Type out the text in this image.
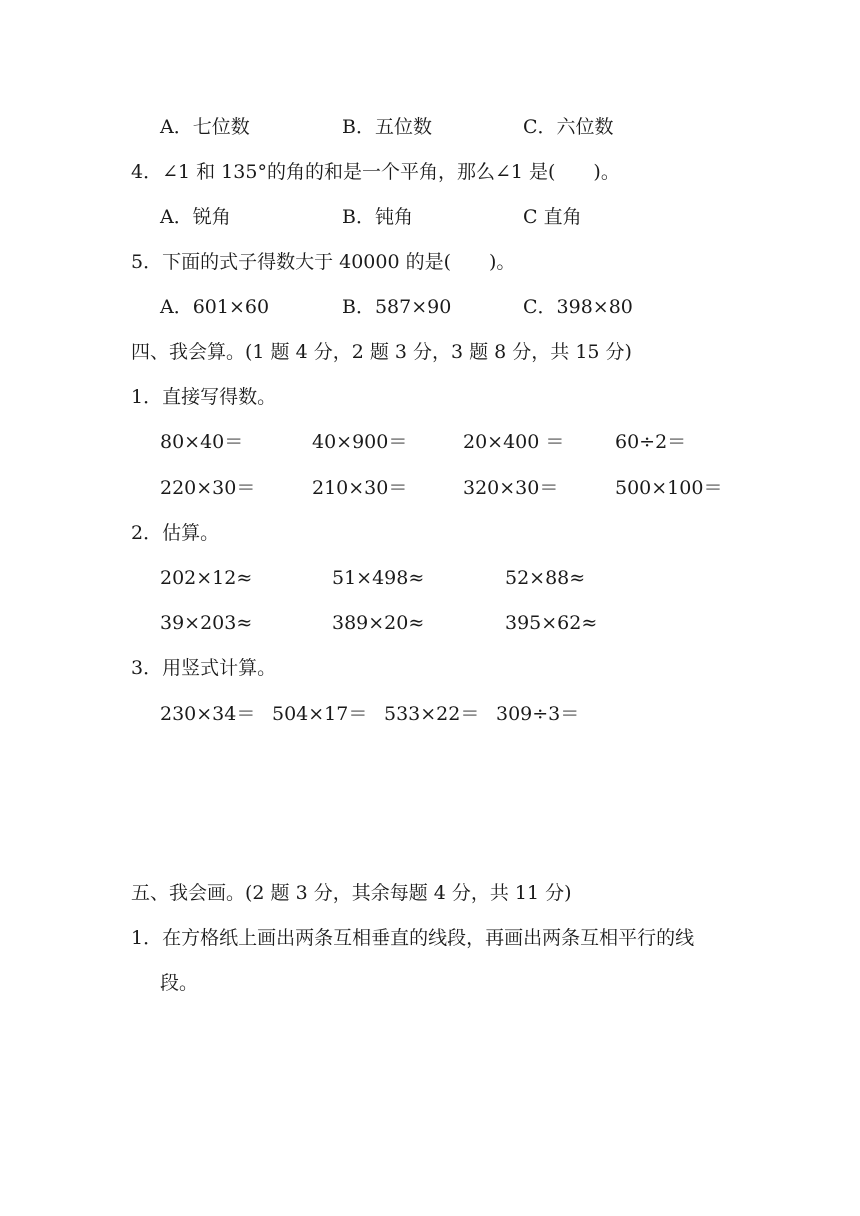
A．七位数	B．五位数	C．六位数
4．∠1 和 135°的角的和是一个平角，那么∠1 是(　　)。
A．锐角	B．钝角	C 直角
5．下面的式子得数大于 40000 的是(　　)。
A．601×60	B．587×90	C．398×80
四、我会算。(1 题 4 分，2 题 3 分，3 题 8 分，共 15 分)
1．直接写得数。
80×40＝	40×900＝	20×400 ＝	60÷2＝
220×30＝	210×30＝	320×30＝	500×100＝
2．估算。
202×12≈	51×498≈	52×88≈
39×203≈	389×20≈	395×62≈
3．用竖式计算。
230×34＝ 504×17＝ 533×22＝ 309÷3＝
五、我会画。(2 题 3 分，其余每题 4 分，共 11 分)
1．在方格纸上画出两条互相垂直的线段，再画出两条互相平行的线
段。
